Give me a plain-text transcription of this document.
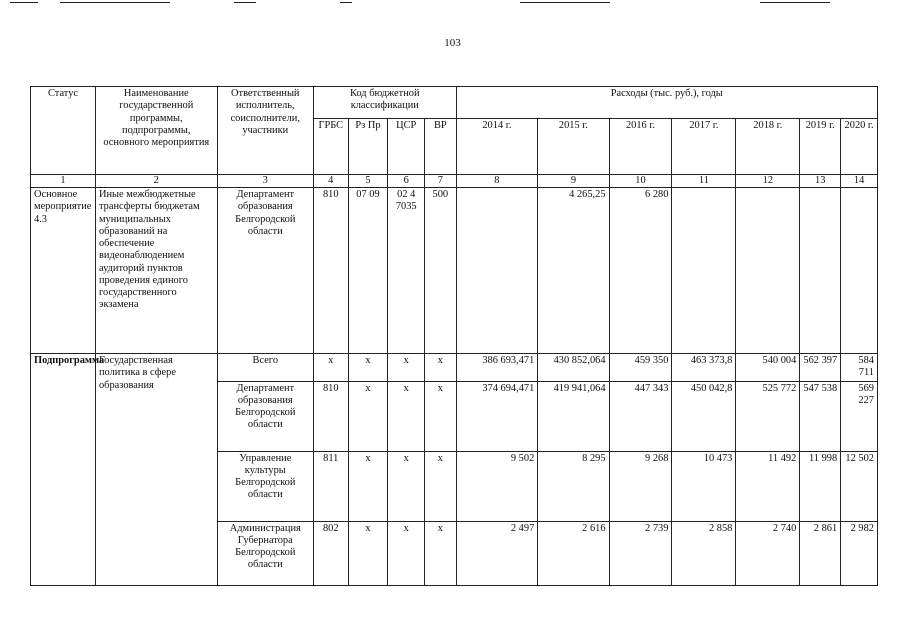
103
Статус	Наименование государственной программы, подпрограммы, основного мероприятия	Ответственный исполнитель, соисполнители, участники	Код бюджетной классификации				Расходы (тыс. руб.), годы						
			ГРБС	Рз Пр	ЦСР	ВР	2014 г.	2015 г.	2016 г.	2017 г.	2018 г.	2019 г.	2020 г.
1	2	3	4	5	6	7	8	9	10	11	12	13	14
Основное мероприятие 4.3	Иные межбюджетные трансферты бюджетам муниципальных образований на обеспечение видеонаблюдением аудиторий пунктов проведения единого государственного экзамена	Департамент образования Белгородской области	810	07 09	02 4 7035	500		4 265,25	6 280				
Подпрограмма	Государственная политика в сфере образования	Всего	х	х	х	х	386 693,471	430 852,064	459 350	463 373,8	540 004	562 397	584 711
		Департамент образования Белгородской области	810	х	х	х	374 694,471	419 941,064	447 343	450 042,8	525 772	547 538	569 227
		Управление культуры Белгородской области	811	х	х	х	9 502	8 295	9 268	10 473	11 492	11 998	12 502
		Администрация Губернатора Белгородской области	802	х	х	х	2 497	2 616	2 739	2 858	2 740	2 861	2 982
